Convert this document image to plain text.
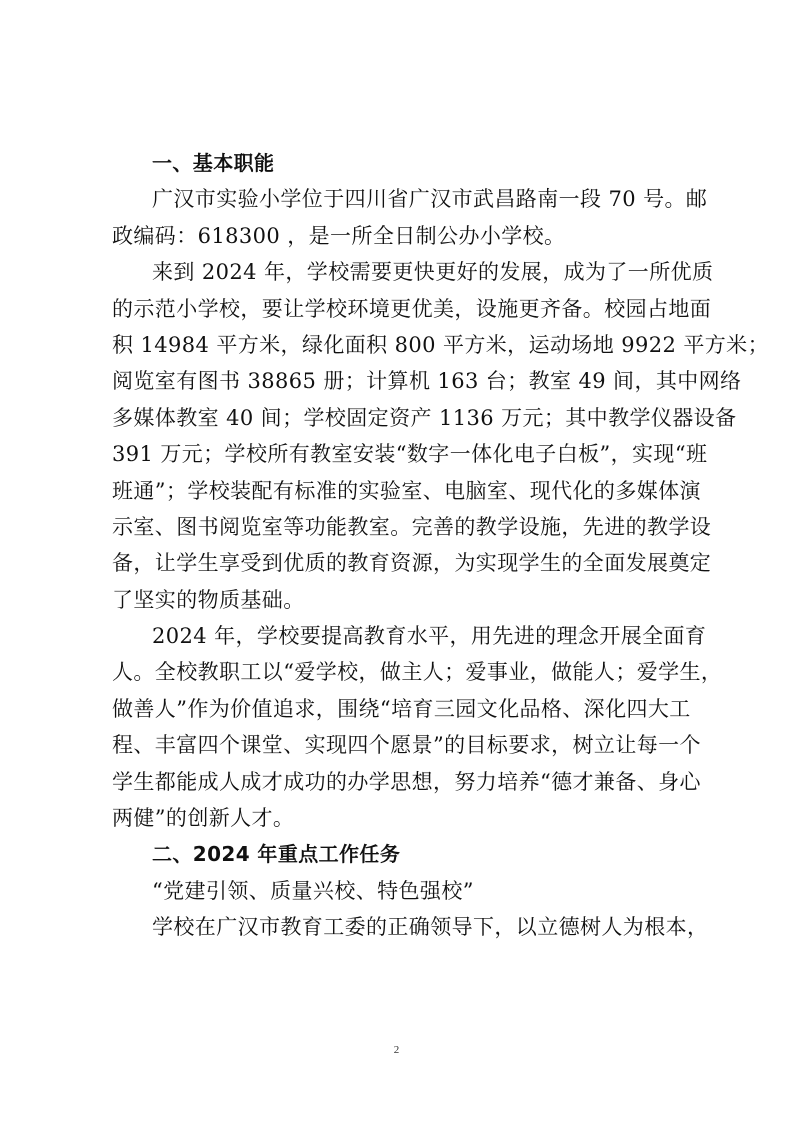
一、基本职能
广汉市实验小学位于四川省广汉市武昌路南一段 70 号。邮
政编码：618300 ，是一所全日制公办小学校。
来到 2024 年，学校需要更快更好的发展，成为了一所优质
的示范小学校，要让学校环境更优美，设施更齐备。校园占地面
积 14984 平方米，绿化面积 800 平方米，运动场地 9922 平方米；
阅览室有图书 38865 册；计算机 163 台；教室 49 间，其中网络
多媒体教室 40 间；学校固定资产 1136 万元；其中教学仪器设备
391 万元；学校所有教室安装“数字一体化电子白板”，实现“班
班通”；学校装配有标准的实验室、电脑室、现代化的多媒体演
示室、图书阅览室等功能教室。完善的教学设施，先进的教学设
备，让学生享受到优质的教育资源，为实现学生的全面发展奠定
了坚实的物质基础。
2024 年，学校要提高教育水平，用先进的理念开展全面育
人。全校教职工以“爱学校，做主人；爱事业，做能人；爱学生，
做善人”作为价值追求，围绕“培育三园文化品格、深化四大工
程、丰富四个课堂、实现四个愿景”的目标要求，树立让每一个
学生都能成人成才成功的办学思想，努力培养“德才兼备、身心
两健”的创新人才。
二、2024 年重点工作任务
“党建引领、质量兴校、特色强校”
学校在广汉市教育工委的正确领导下，以立德树人为根本，
2
